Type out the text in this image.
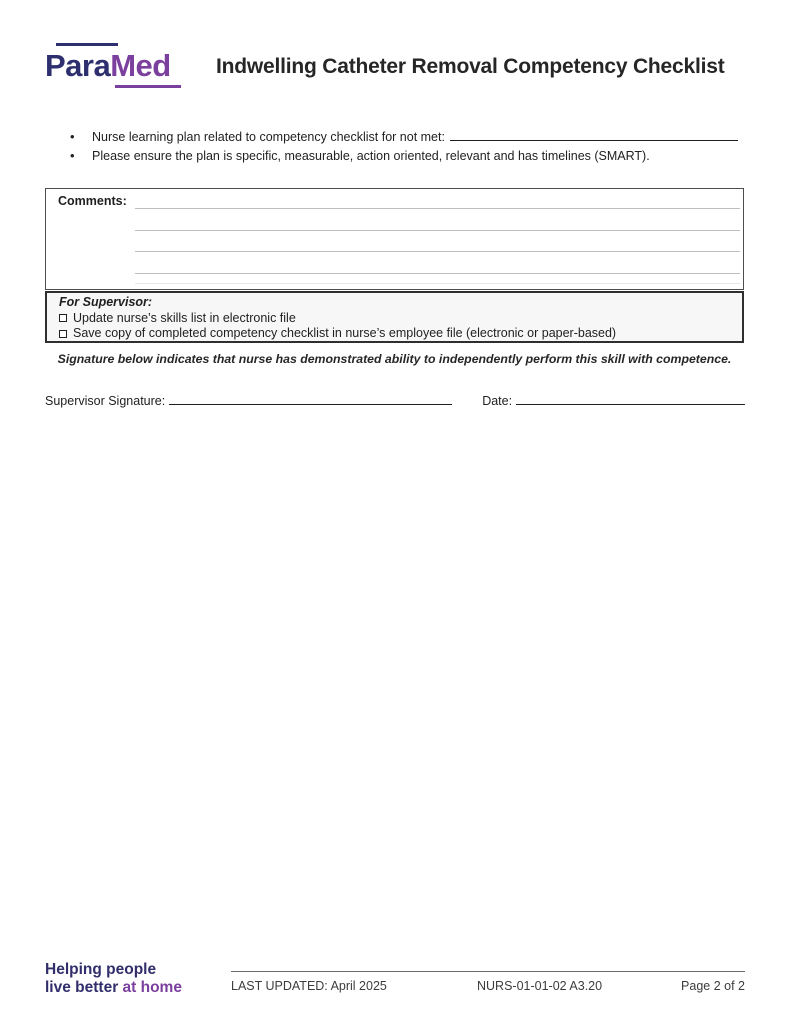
ParaMed Indwelling Catheter Removal Competency Checklist
•	Nurse learning plan related to competency checklist for not met:
•	Please ensure the plan is specific, measurable, action oriented, relevant and has timelines (SMART).
Comments:
For Supervisor:
Update nurse’s skills list in electronic file
Save copy of completed competency checklist in nurse’s employee file (electronic or paper-based)
Signature below indicates that nurse has demonstrated ability to independently perform this skill with competence.
Supervisor Signature:	Date:
Helping people
live better at home	LAST UPDATED: April 2025	NURS-01-01-02 A3.20	Page 2 of 2
